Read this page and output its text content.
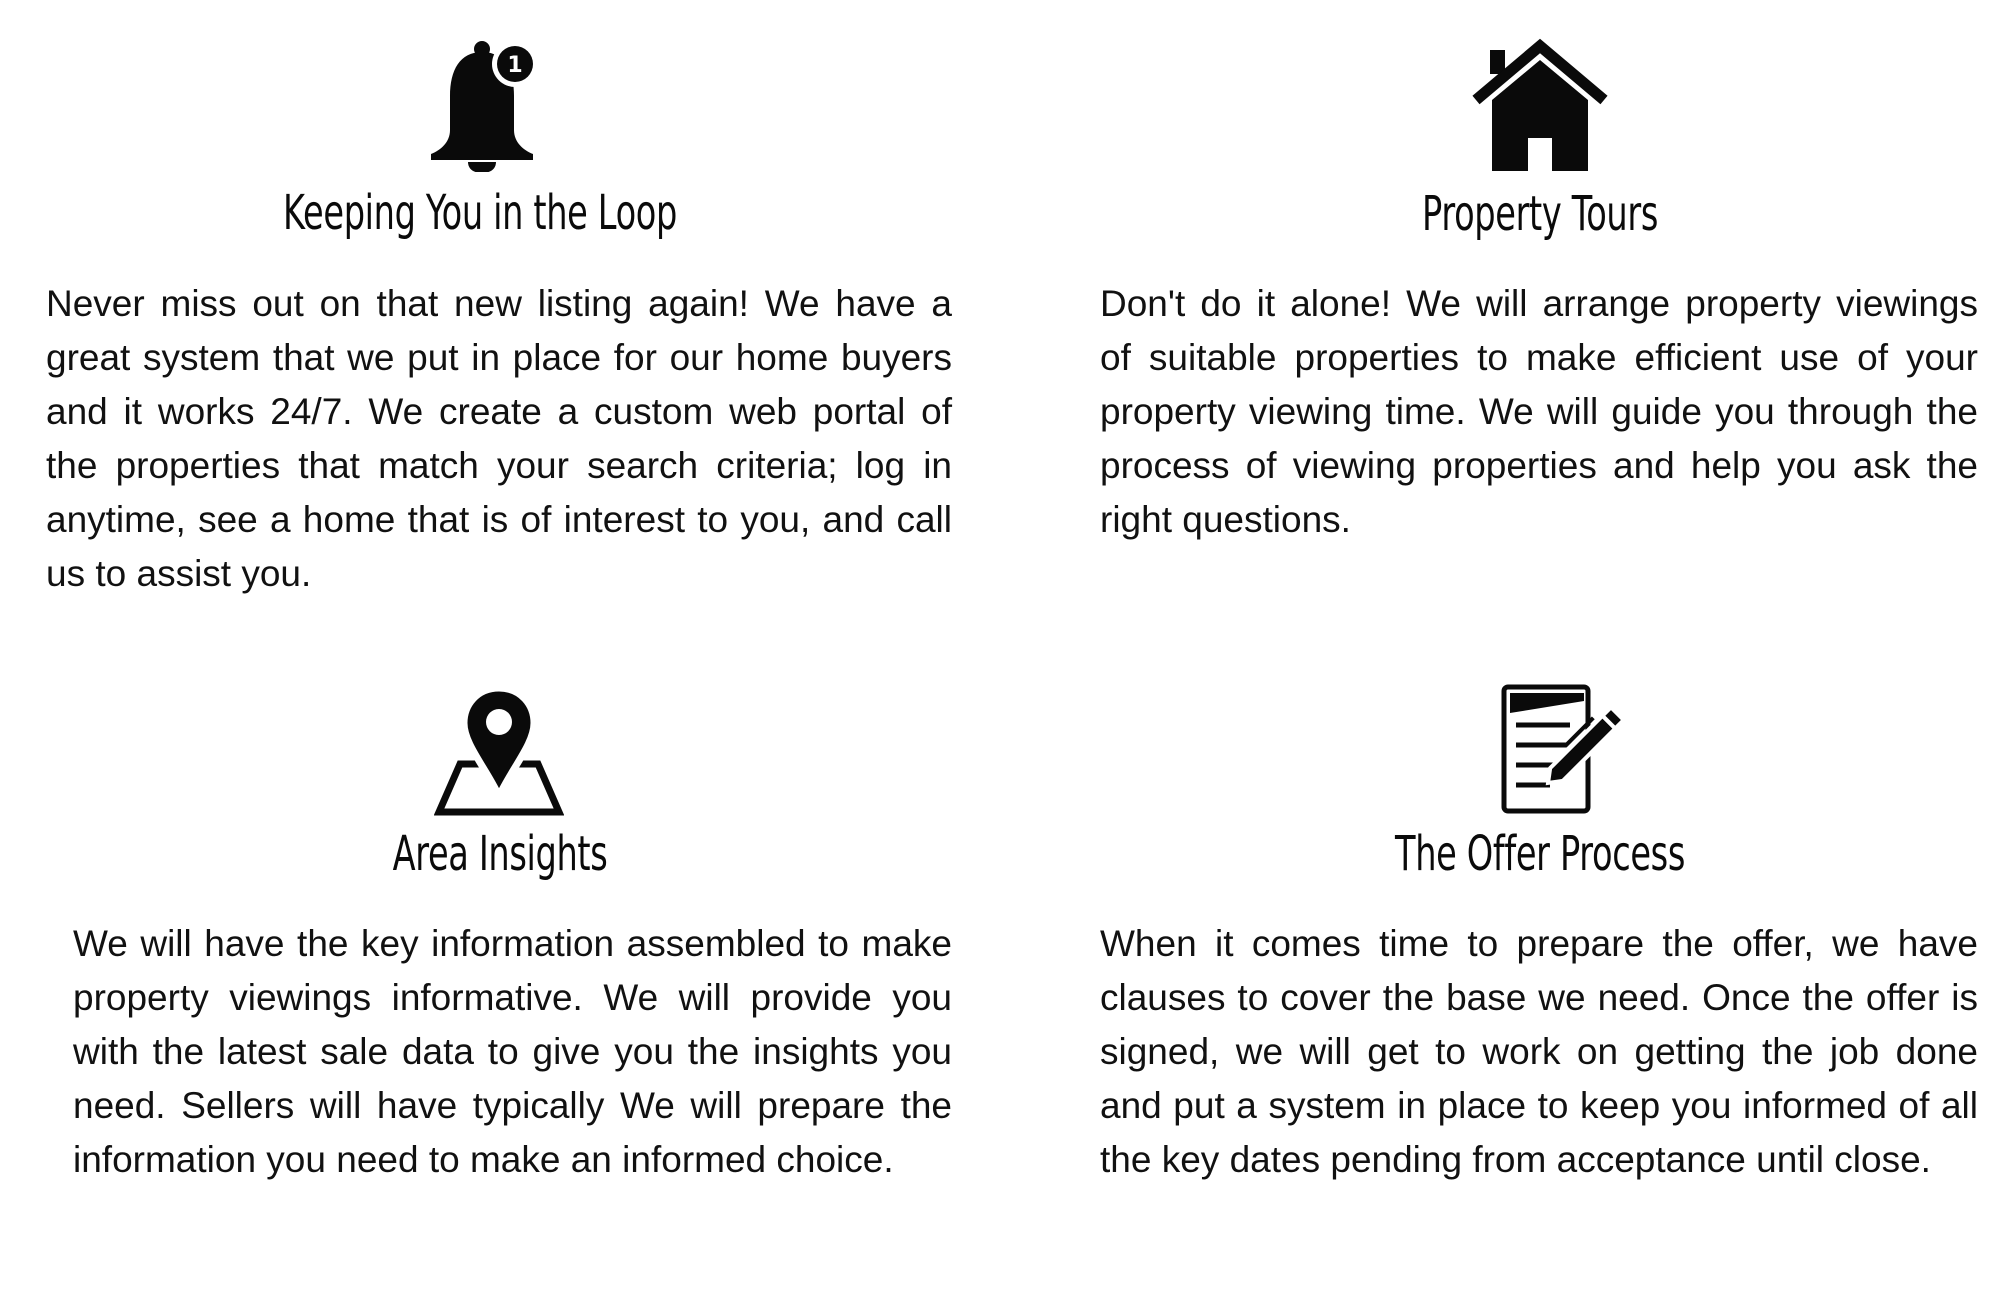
1
Keeping You in the Loop

Never miss out on that new listing again! We have a great system that we put in place for our home buyers and it works 24/7. We create a custom web portal of the properties that match your search criteria; log in anytime, see a home that is of interest to you, and call us to assist you.

Property Tours

Don't do it alone! We will arrange property viewings of suitable properties to make efficient use of your property viewing time. We will guide you through the process of viewing properties and help you ask the right questions.

Area Insights

We will have the key information assembled to make property viewings informative. We will provide you with the latest sale data to give you the insights you need. Sellers will have typically We will prepare the information you need to make an informed choice.

The Offer Process

When it comes time to prepare the offer, we have clauses to cover the base we need. Once the offer is signed, we will get to work on getting the job done and put a system in place to keep you informed of all the key dates pending from acceptance until close.
